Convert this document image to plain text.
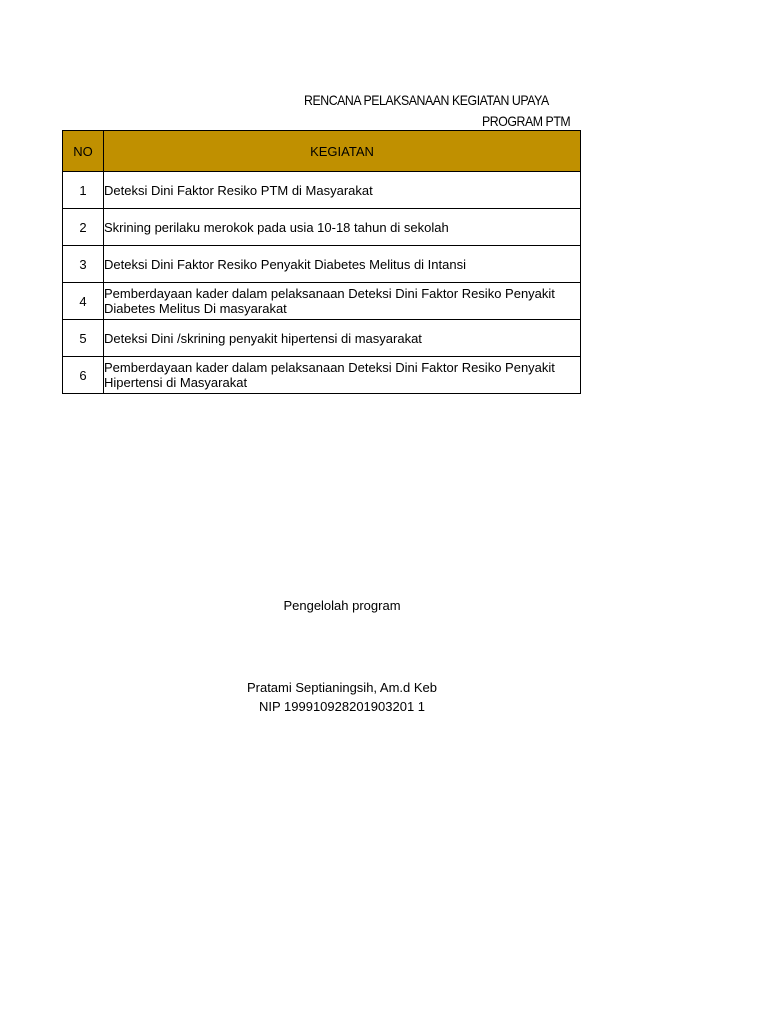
RENCANA PELAKSANAAN KEGIATAN UPAYA
PROGRAM PTM
NO	KEGIATAN
1	Deteksi Dini Faktor Resiko PTM di Masyarakat
2	Skrining perilaku merokok pada usia 10-18 tahun di sekolah
3	Deteksi Dini Faktor Resiko Penyakit Diabetes Melitus di Intansi
4	Pemberdayaan kader dalam pelaksanaan Deteksi Dini Faktor Resiko Penyakit Diabetes Melitus Di masyarakat
5	Deteksi Dini /skrining penyakit hipertensi di masyarakat
6	Pemberdayaan kader dalam pelaksanaan Deteksi Dini Faktor Resiko Penyakit Hipertensi di Masyarakat
Pengelolah program
Pratami Septianingsih, Am.d Keb
NIP 199910928201903201 1
